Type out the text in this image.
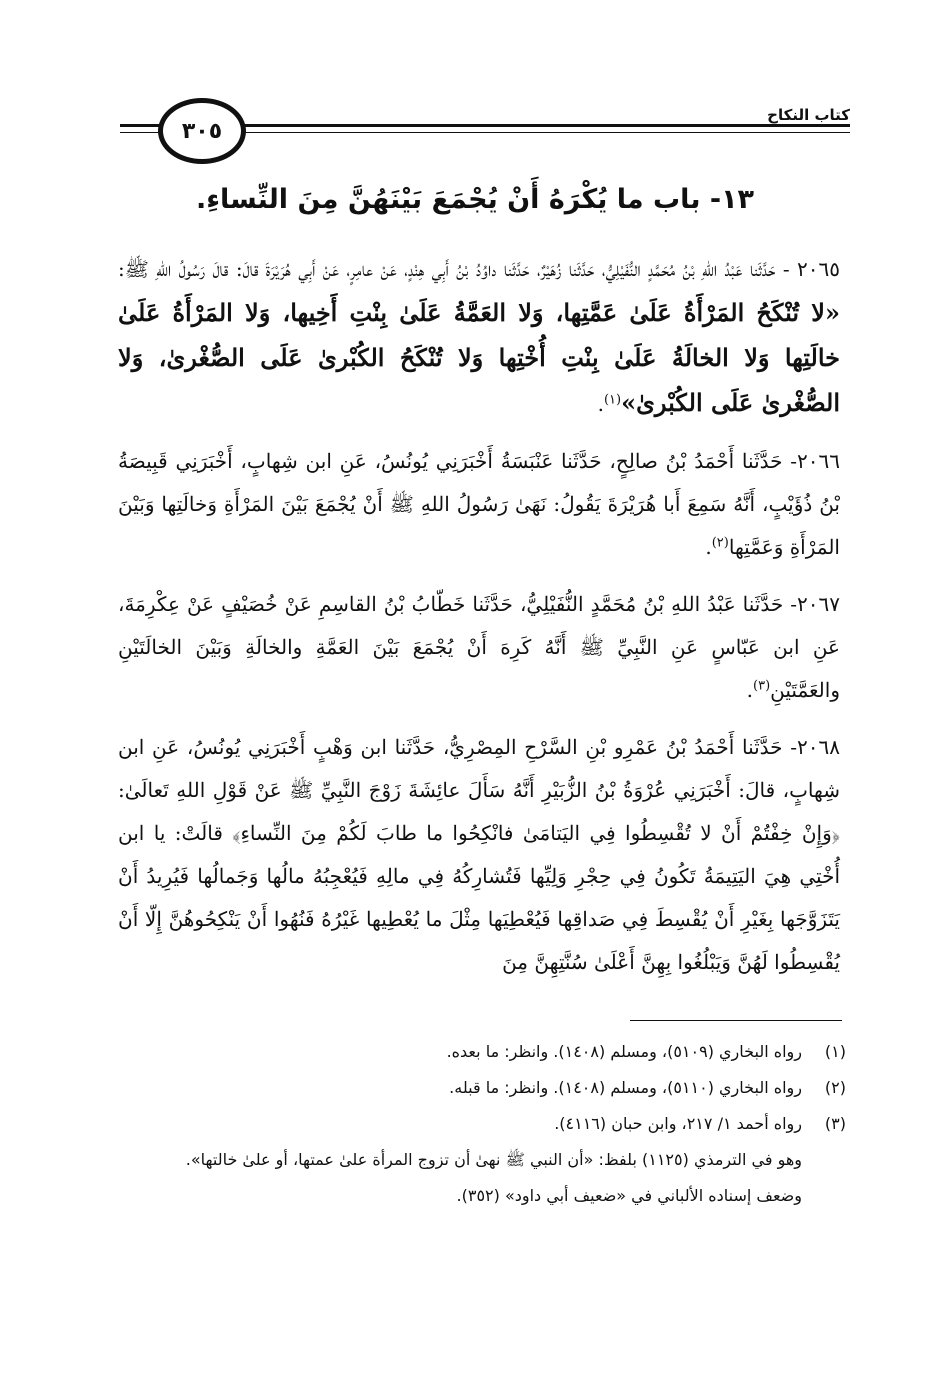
كتاب النكاح
٣٠٥
١٣- باب ما يُكْرَهُ أَنْ يُجْمَعَ بَيْنَهُنَّ مِنَ النِّساءِ.

٢٠٦٥ - حَدَّثَنا عَبْدُ اللهِ بْنُ مُحَمَّدٍ النُّفَيْلِيُّ، حَدَّثَنا زُهَيْرٌ، حَدَّثَنا داوُدُ بْنُ أَبِي هِنْدٍ، عَنْ عامِرٍ، عَنْ أَبِي هُرَيْرَةَ قالَ: قالَ رَسُولُ اللهِ ﷺ: «لا تُنْكَحُ المَرْأَةُ عَلَىٰ عَمَّتِها، وَلا العَمَّةُ عَلَىٰ بِنْتِ أَخِيها، وَلا المَرْأَةُ عَلَىٰ خالَتِها وَلا الخالَةُ عَلَىٰ بِنْتِ أُخْتِها وَلا تُنْكَحُ الكُبْرىٰ عَلَى الصُّغْرىٰ، وَلا الصُّغْرىٰ عَلَى الكُبْرىٰ»$^{(١)}$.

٢٠٦٦- حَدَّثَنا أَحْمَدُ بْنُ صالِحٍ، حَدَّثَنا عَنْبَسَةُ أَخْبَرَنِي يُونُسُ، عَنِ ابن شِهابٍ، أَخْبَرَنِي قَبِيصَةُ بْنُ ذُؤَيْبٍ، أَنَّهُ سَمِعَ أَبا هُرَيْرَةَ يَقُولُ: نَهَىٰ رَسُولُ اللهِ ﷺ أَنْ يُجْمَعَ بَيْنَ المَرْأَةِ وَخالَتِها وَبَيْنَ المَرْأَةِ وَعَمَّتِها$^{(٢)}$.

٢٠٦٧- حَدَّثَنا عَبْدُ اللهِ بْنُ مُحَمَّدٍ النُّفَيْلِيُّ، حَدَّثَنا خَطّابُ بْنُ القاسِمِ عَنْ خُصَيْفٍ عَنْ عِكْرِمَةَ، عَنِ ابن عَبّاسٍ عَنِ النَّبِيِّ ﷺ أَنَّهُ كَرِهَ أَنْ يُجْمَعَ بَيْنَ العَمَّةِ والخالَةِ وَبَيْنَ الخالَتَيْنِ والعَمَّتَيْنِ$^{(٣)}$.

٢٠٦٨- حَدَّثَنا أَحْمَدُ بْنُ عَمْرِو بْنِ السَّرْحِ المِصْرِيُّ، حَدَّثَنا ابن وَهْبٍ أَخْبَرَنِي يُونُسُ، عَنِ ابن شِهابٍ، قالَ: أَخْبَرَنِي عُرْوَةُ بْنُ الزُّبَيْرِ أَنَّهُ سَأَلَ عائِشَةَ زَوْجَ النَّبِيِّ ﷺ عَنْ قَوْلِ اللهِ تَعالَىٰ: ﴿وَإِنْ خِفْتُمْ أَنْ لا تُقْسِطُوا فِي اليَتامَىٰ فانْكِحُوا ما طابَ لَكُمْ مِنَ النِّساءِ﴾ قالَتْ: يا ابن أُخْتِي هِيَ اليَتِيمَةُ تَكُونُ فِي حِجْرِ وَلِيِّها فَتُشارِكُهُ فِي مالِهِ فَيُعْجِبُهُ مالُها وَجَمالُها فَيُرِيدُ أَنْ يَتَزَوَّجَها بِغَيْرِ أَنْ يُقْسِطَ فِي صَداقِها فَيُعْطِيَها مِثْلَ ما يُعْطِيها غَيْرُهُ فَنُهُوا أَنْ يَنْكِحُوهُنَّ إِلّا أَنْ يُقْسِطُوا لَهُنَّ وَيَبْلُغُوا بِهِنَّ أَعْلَىٰ سُنَّتِهِنَّ مِنَ

(١)
رواه البخاري (٥١٠٩)، ومسلم (١٤٠٨). وانظر: ما بعده.
(٢)
رواه البخاري (٥١١٠)، ومسلم (١٤٠٨). وانظر: ما قبله.
(٣)
رواه أحمد ١/ ٢١٧، وابن حبان (٤١١٦).
وهو في الترمذي (١١٢٥) بلفظ: «أن النبي ﷺ نهىٰ أن تزوج المرأة علىٰ عمتها، أو علىٰ خالتها».
وضعف إسناده الألباني في «ضعيف أبي داود» (٣٥٢).
